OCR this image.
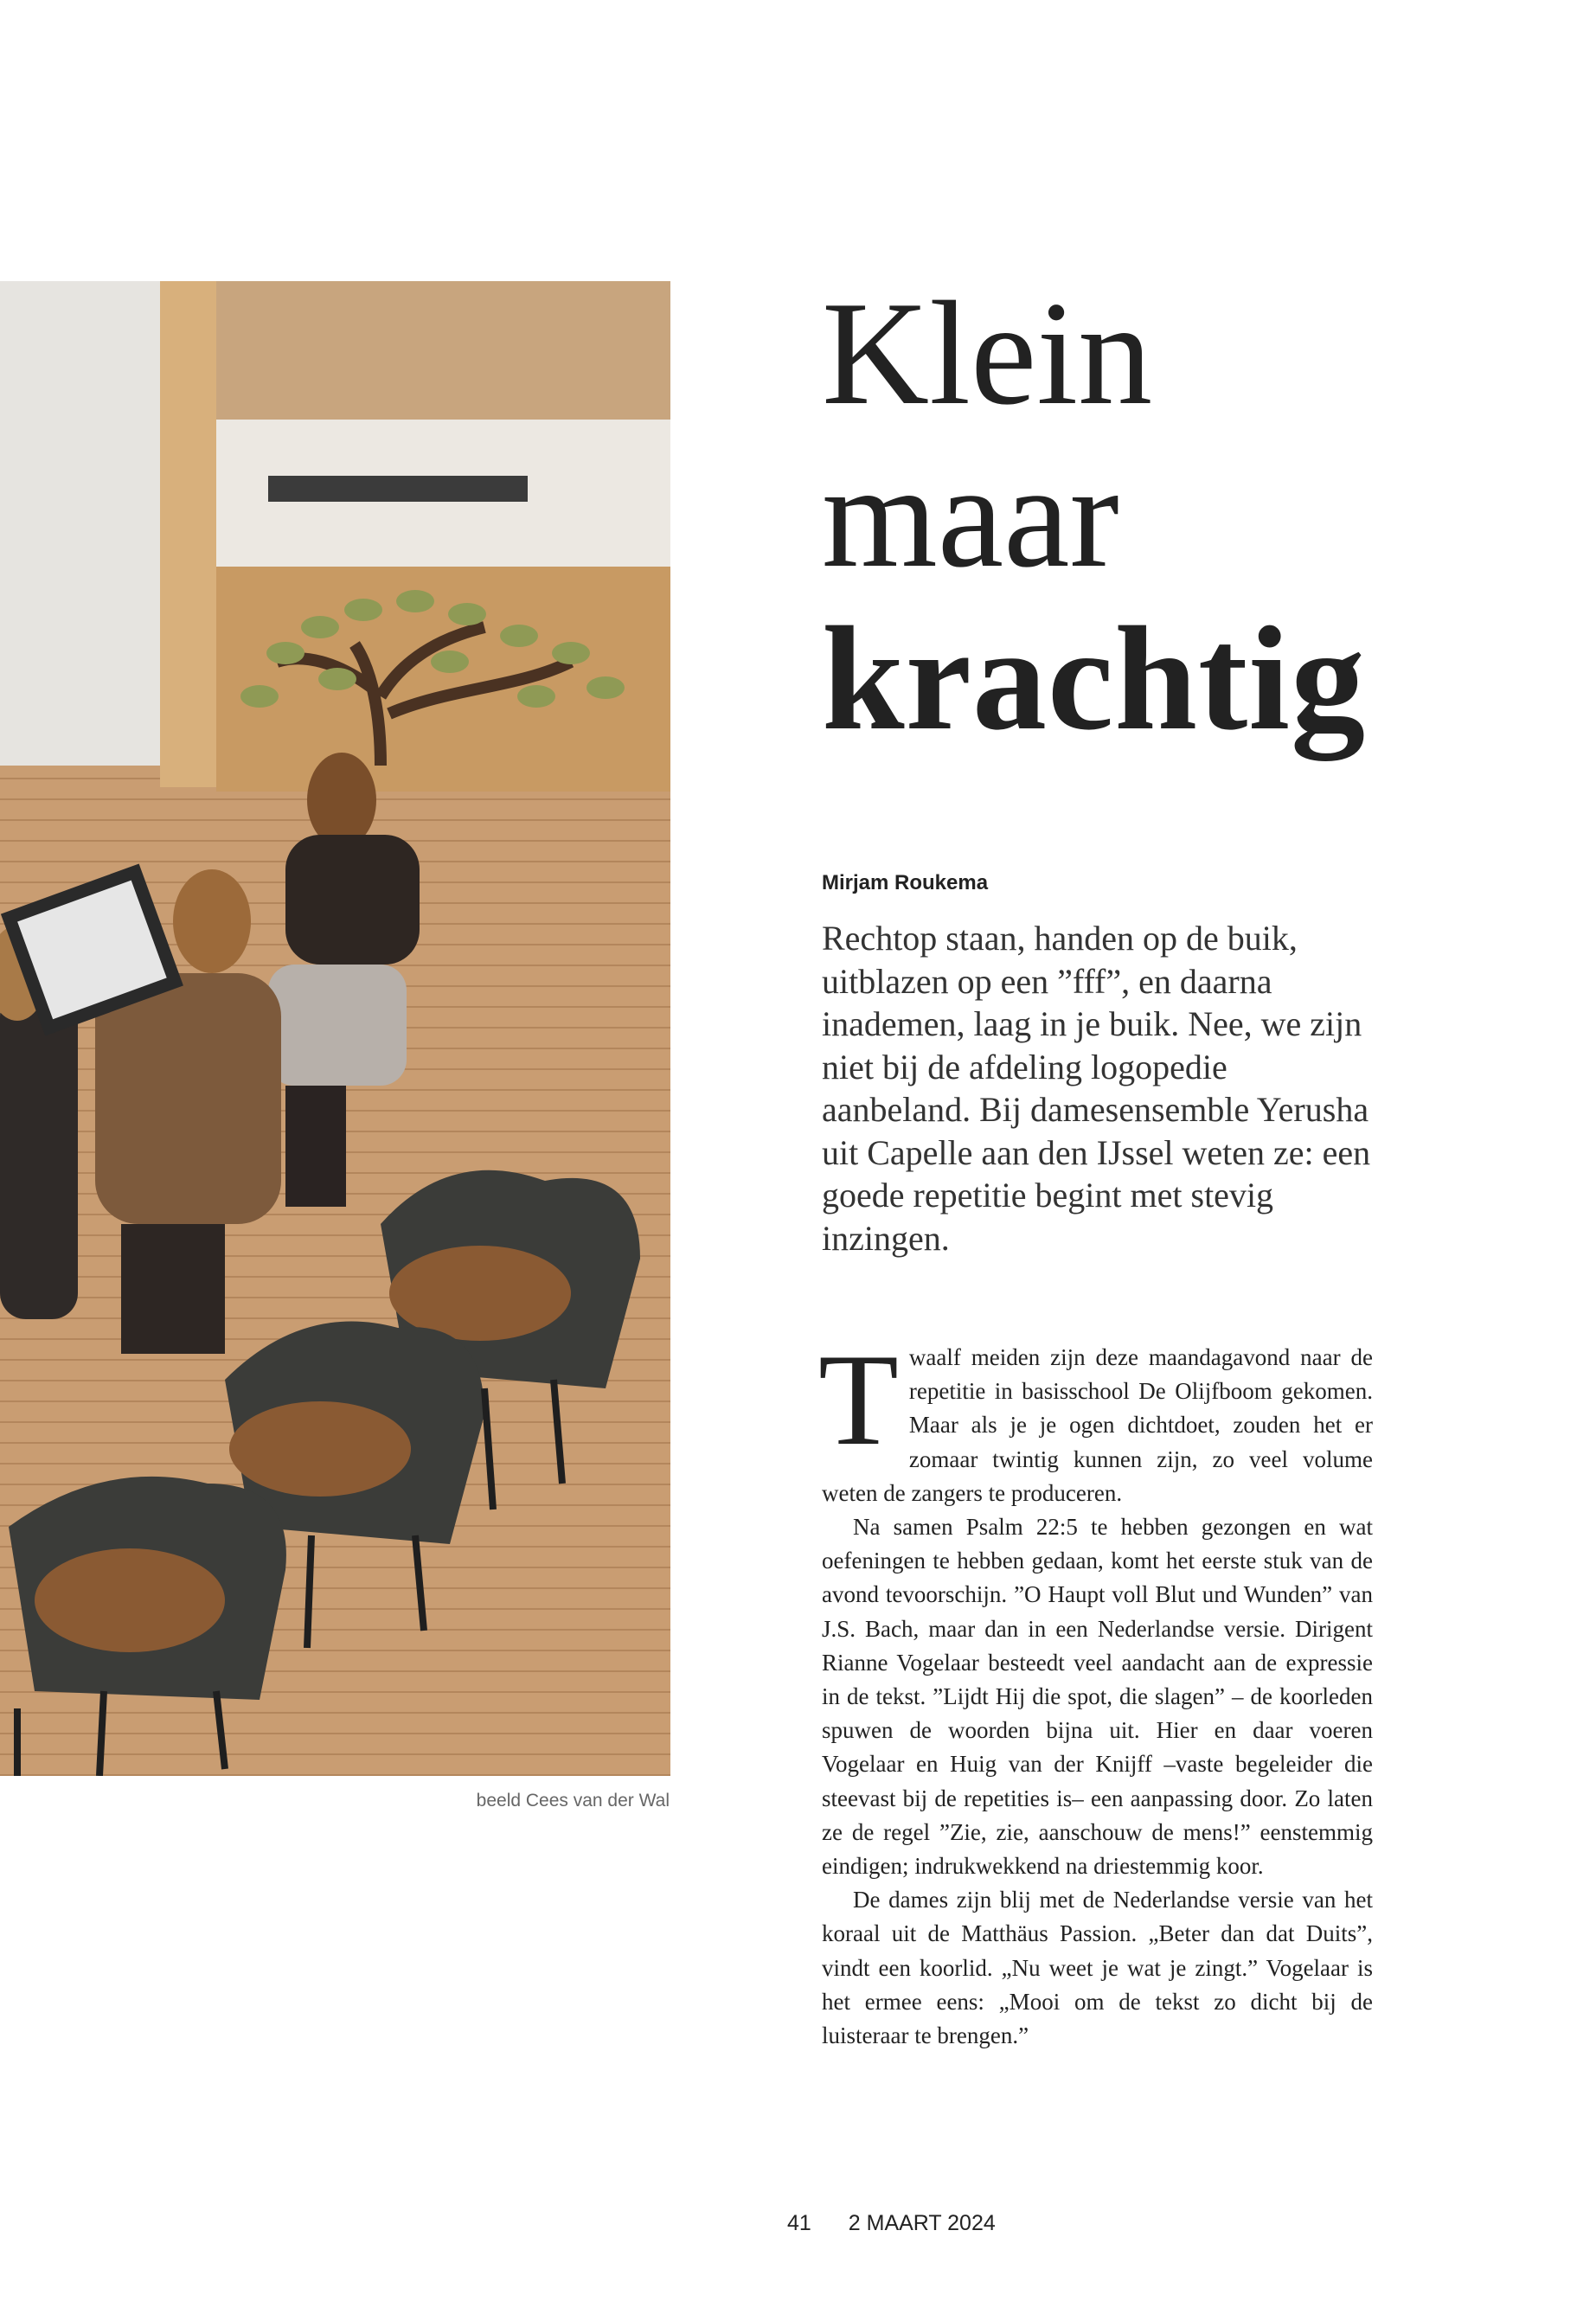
beeld Cees van der Wal
Klein
maar
krachtig
Mirjam Roukema

Rechtop staan, handen op de buik, uitblazen op een ”fff”, en daarna inademen, laag in je buik. Nee, we zijn niet bij de afdeling logopedie aanbeland. Bij damesensemble Yerusha uit Capelle aan den IJssel weten ze: een goede repetitie begint met stevig inzingen.

Twaalf meiden zijn deze maandagavond naar de repetitie in basisschool De Olijfboom gekomen. Maar als je je ogen dichtdoet, zouden het er zomaar twintig kunnen zijn, zo veel volume weten de zangers te produceren.

Na samen Psalm 22:5 te hebben gezongen en wat oefeningen te hebben gedaan, komt het eerste stuk van de avond tevoorschijn. ”O Haupt voll Blut und Wunden” van J.S. Bach, maar dan in een Nederlandse versie. Dirigent Rianne Vogelaar besteedt veel aandacht aan de expressie in de tekst. ”Lijdt Hij die spot, die slagen” – de koorleden spuwen de woorden bijna uit. Hier en daar voeren Vogelaar en Huig van der Knijff –vaste begeleider die steevast bij de repetities is– een aanpassing door. Zo laten ze de regel ”Zie, zie, aanschouw de mens!” eenstemmig eindigen; indrukwekkend na driestemmig koor.

De dames zijn blij met de Nederlandse versie van het koraal uit de Matthäus Passion. „Beter dan dat Duits”, vindt een koorlid. „Nu weet je wat je zingt.” Vogelaar is het ermee eens: „Mooi om de tekst zo dicht bij de luisteraar te brengen.”

41 2 MAART 2024
